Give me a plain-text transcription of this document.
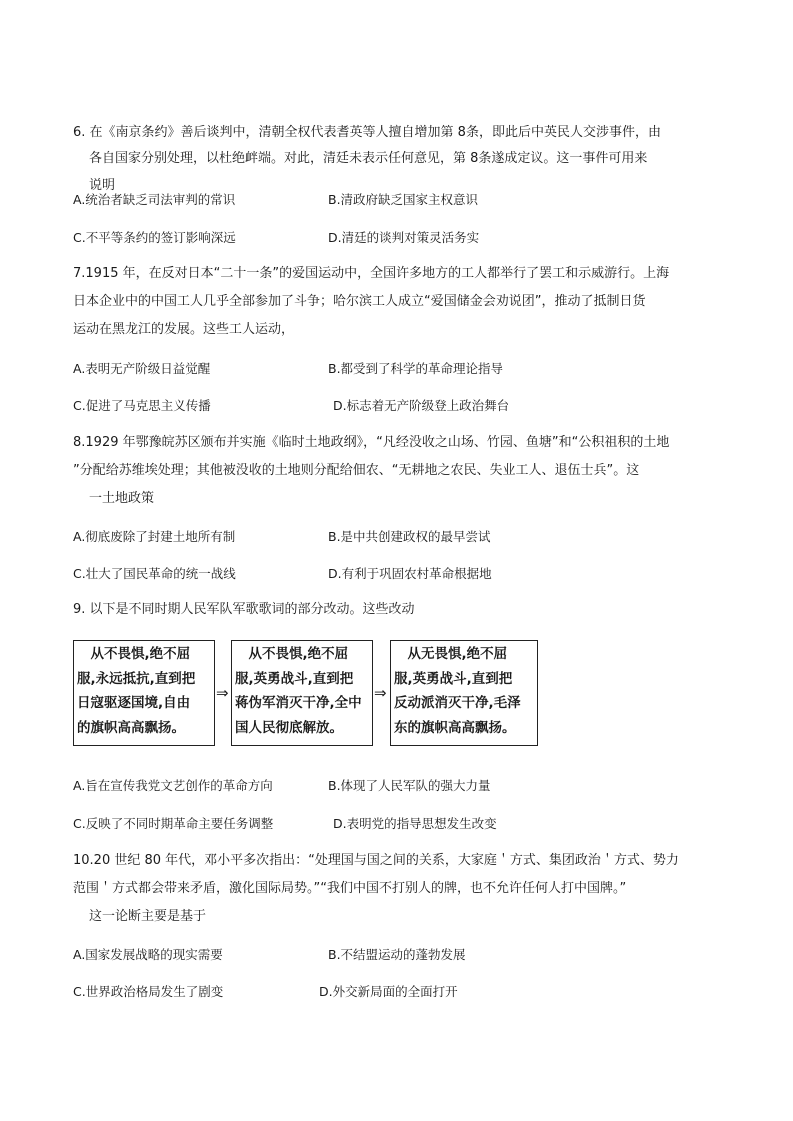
6. 在《南京条约》善后谈判中，清朝全权代表耆英等人擅自增加第 8条，即此后中英民人交涉事件，由
各自国家分别处理，以杜绝衅端。对此，清廷未表示任何意见，第 8条遂成定议。这一事件可用来
说明
A.统治者缺乏司法审判的常识	B.清政府缺乏国家主权意识
C.不平等条约的签订影响深远	D.清廷的谈判对策灵活务实
7.1915 年，在反对日本“二十一条”的爱国运动中，全国许多地方的工人都举行了罢工和示威游行。上海
日本企业中的中国工人几乎全部参加了斗争；哈尔滨工人成立“爱国储金会劝说团”，推动了抵制日货
运动在黑龙江的发展。这些工人运动，
A.表明无产阶级日益觉醒	B.都受到了科学的革命理论指导
C.促进了马克思主义传播	D.标志着无产阶级登上政治舞台
8.1929 年鄂豫皖苏区颁布并实施《临时土地政纲》，“凡经没收之山场、竹园、鱼塘”和“公积祖积的土地
”分配给苏维埃处理；其他被没收的土地则分配给佃农、“无耕地之农民、失业工人、退伍士兵”。这
一土地政策
A.彻底废除了封建土地所有制	B.是中共创建政权的最早尝试
C.壮大了国民革命的统一战线	D.有利于巩固农村革命根据地
9. 以下是不同时期人民军队军歌歌词的部分改动。这些改动
　从不畏惧,绝不屈
服,永远抵抗,直到把
日寇驱逐国境,自由
的旗帜高高飘扬。
⇒
　从不畏惧,绝不屈
服,英勇战斗,直到把
蒋伪军消灭干净,全中
国人民彻底解放。
⇒
　从无畏惧,绝不屈
服,英勇战斗,直到把
反动派消灭干净,毛泽
东的旗帜高高飘扬。
A.旨在宣传我党文艺创作的革命方向	B.体现了人民军队的强大力量
C.反映了不同时期革命主要任务调整	D.表明党的指导思想发生改变
10.20 世纪 80 年代，邓小平多次指出：“处理国与国之间的关系，大家庭＇方式、集团政治＇方式、势力
范围＇方式都会带来矛盾，激化国际局势。”“我们中国不打别人的牌，也不允许任何人打中国牌。”
这一论断主要是基于
A.国家发展战略的现实需要	B.不结盟运动的蓬勃发展
C.世界政治格局发生了剧变	D.外交新局面的全面打开
